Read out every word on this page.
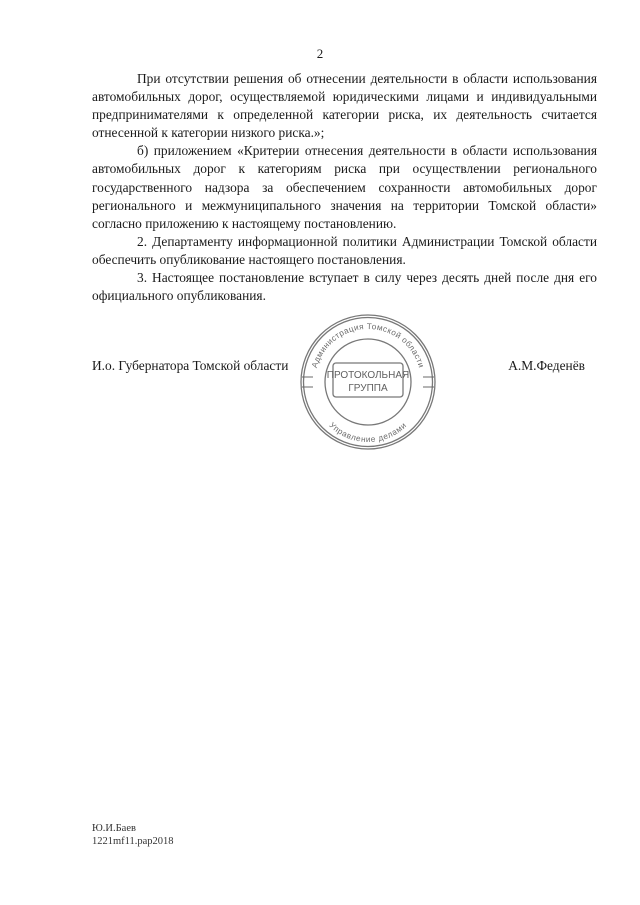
2

При отсутствии решения об отнесении деятельности в области использования автомобильных дорог, осуществляемой юридическими лицами и индивидуальными предпринимателями к определенной категории риска, их деятельность считается отнесенной к категории низкого риска.»;

б) приложением «Критерии отнесения деятельности в области использования автомобильных дорог к категориям риска при осуществлении регионального государственного надзора за обеспечением сохранности автомобильных дорог регионального и межмуниципального значения на территории Томской области» согласно приложению к настоящему постановлению.

2. Департаменту информационной политики Администрации Томской области обеспечить опубликование настоящего постановления.

3. Настоящее постановление вступает в силу через десять дней после дня его официального опубликования.

И.о. Губернатора Томской области	А.М.Феденёв
Администрация Томской области
Управление делами
ПРОТОКОЛЬНАЯ
ГРУППА
Ю.И.Баев
1221mf11.pap2018
